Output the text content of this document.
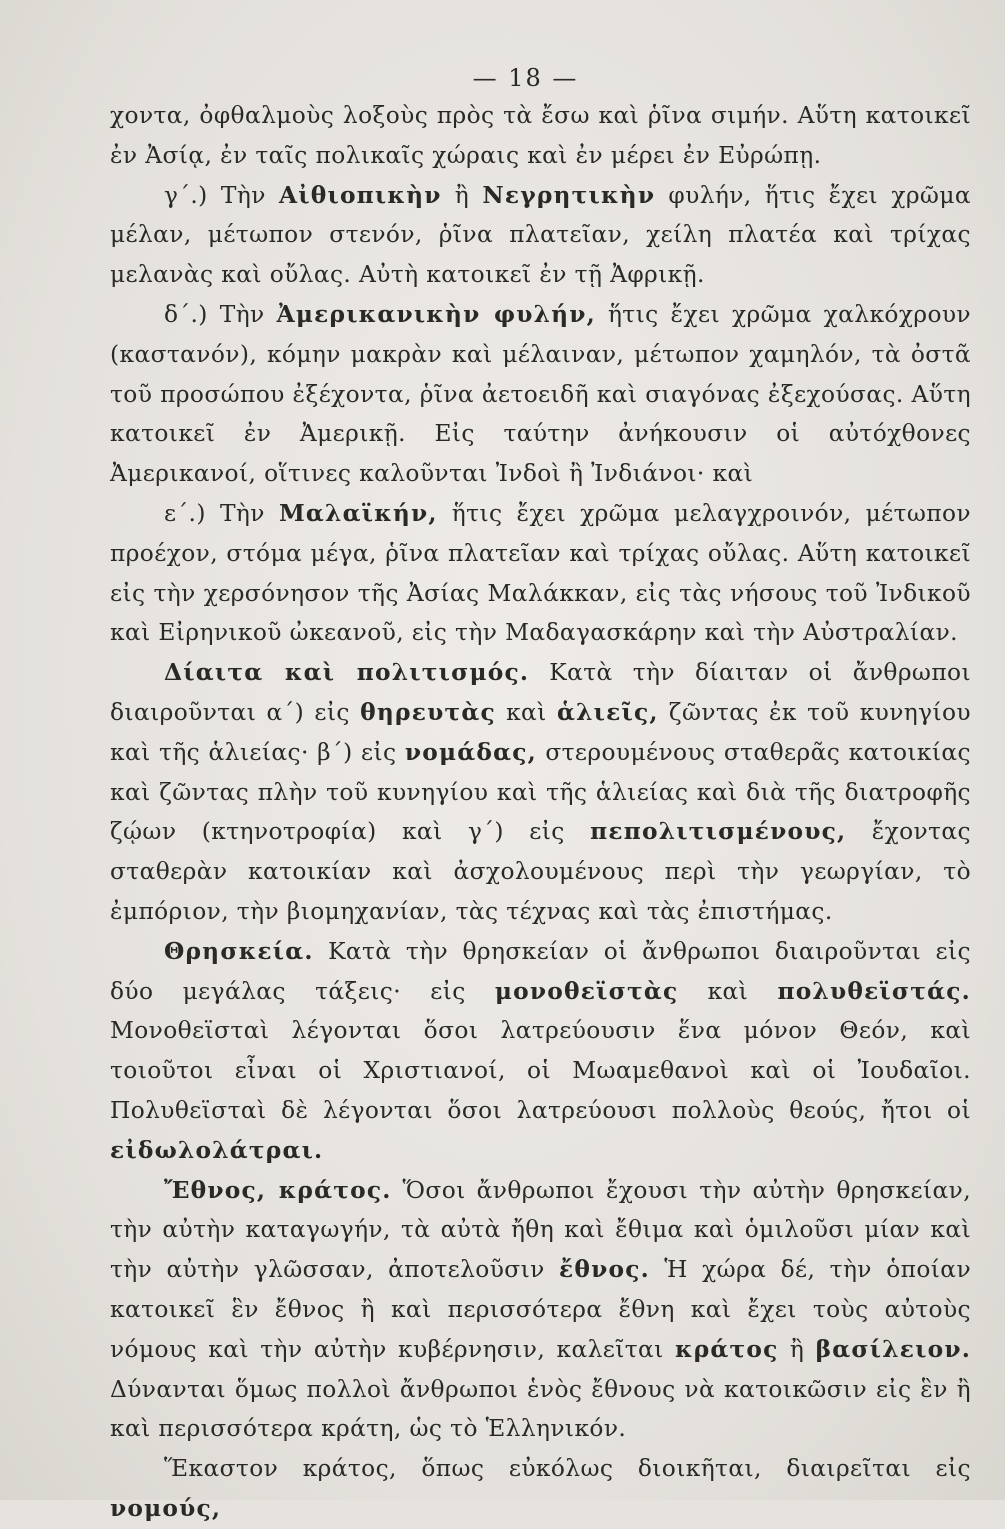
— 18 —

χοντα, ὀφθαλμοὺς λοξοὺς πρὸς τὰ ἔσω καὶ ῥῖνα σιμήν. Αὕτη κατοικεῖ ἐν Ἀσίᾳ, ἐν ταῖς πολικαῖς χώραις καὶ ἐν μέρει ἐν Εὐρώπῃ.

γ΄.) Τὴν Αἰθιοπικὴν ἢ Νεγρητικὴν φυλήν, ἥτις ἔχει χρῶμα μέλαν, μέτωπον στενόν, ῥῖνα πλατεῖαν, χείλη πλατέα καὶ τρίχας μελανὰς καὶ οὔλας. Αὐτὴ κατοικεῖ ἐν τῇ Ἀφρικῇ.

δ΄.) Τὴν Ἀμερικανικὴν φυλήν, ἥτις ἔχει χρῶμα χαλκόχρουν (καστανόν), κόμην μακρὰν καὶ μέλαιναν, μέτωπον χαμηλόν, τὰ ὀστᾶ τοῦ προσώπου ἐξέχοντα, ῥῖνα ἀετοειδῆ καὶ σιαγόνας ἐξεχούσας. Αὕτη κατοικεῖ ἐν Ἀμερικῇ. Εἰς ταύτην ἀνήκουσιν οἱ αὐτόχθονες Ἀμερικανοί, οἵτινες καλοῦνται Ἰνδοὶ ἢ Ἰνδιάνοι· καὶ

ε΄.) Τὴν Μαλαϊκήν, ἥτις ἔχει χρῶμα μελαγχροινόν, μέτωπον προέχον, στόμα μέγα, ῥῖνα πλατεῖαν καὶ τρίχας οὔλας. Αὕτη κατοικεῖ εἰς τὴν χερσόνησον τῆς Ἀσίας Μαλάκκαν, εἰς τὰς νήσους τοῦ Ἰνδικοῦ καὶ Εἰρηνικοῦ ὠκεανοῦ, εἰς τὴν Μαδαγασκάρην καὶ τὴν Αὐστραλίαν.

Δίαιτα καὶ πολιτισμός. Κατὰ τὴν δίαιταν οἱ ἄνθρωποι διαιροῦνται α΄) εἰς θηρευτὰς καὶ ἁλιεῖς, ζῶντας ἐκ τοῦ κυνηγίου καὶ τῆς ἁλιείας· β΄) εἰς νομάδας, στερουμένους σταθερᾶς κατοικίας καὶ ζῶντας πλὴν τοῦ κυνηγίου καὶ τῆς ἁλιείας καὶ διὰ τῆς διατροφῆς ζῴων (κτηνοτροφία) καὶ γ΄) εἰς πεπολιτισμένους, ἔχοντας σταθερὰν κατοικίαν καὶ ἀσχολουμένους περὶ τὴν γεωργίαν, τὸ ἐμπόριον, τὴν βιομηχανίαν, τὰς τέχνας καὶ τὰς ἐπιστήμας.

Θρησκεία. Κατὰ τὴν θρησκείαν οἱ ἄνθρωποι διαιροῦνται εἰς δύο μεγάλας τάξεις· εἰς μονοθεϊστὰς καὶ πολυθεϊστάς. Μονοθεϊσταὶ λέγονται ὅσοι λατρεύουσιν ἕνα μόνον Θεόν, καὶ τοιοῦτοι εἶναι οἱ Χριστιανοί, οἱ Μωαμεθανοὶ καὶ οἱ Ἰουδαῖοι. Πολυθεϊσταὶ δὲ λέγονται ὅσοι λατρεύουσι πολλοὺς θεούς, ἤτοι οἱ εἰδωλολάτραι.

Ἔθνος, κράτος. Ὅσοι ἄνθρωποι ἔχουσι τὴν αὐτὴν θρησκείαν, τὴν αὐτὴν καταγωγήν, τὰ αὐτὰ ἤθη καὶ ἔθιμα καὶ ὁμιλοῦσι μίαν καὶ τὴν αὐτὴν γλῶσσαν, ἀποτελοῦσιν ἔθνος. Ἡ χώρα δέ, τὴν ὁποίαν κατοικεῖ ἓν ἔθνος ἢ καὶ περισσότερα ἔθνη καὶ ἔχει τοὺς αὐτοὺς νόμους καὶ τὴν αὐτὴν κυβέρνησιν, καλεῖται κράτος ἢ βασίλειον. Δύνανται ὅμως πολλοὶ ἄνθρωποι ἑνὸς ἔθνους νὰ κατοικῶσιν εἰς ἓν ἢ καὶ περισσότερα κράτη, ὡς τὸ Ἑλληνικόν.

Ἕκαστον κράτος, ὅπως εὐκόλως διοικῆται, διαιρεῖται εἰς νομούς,
